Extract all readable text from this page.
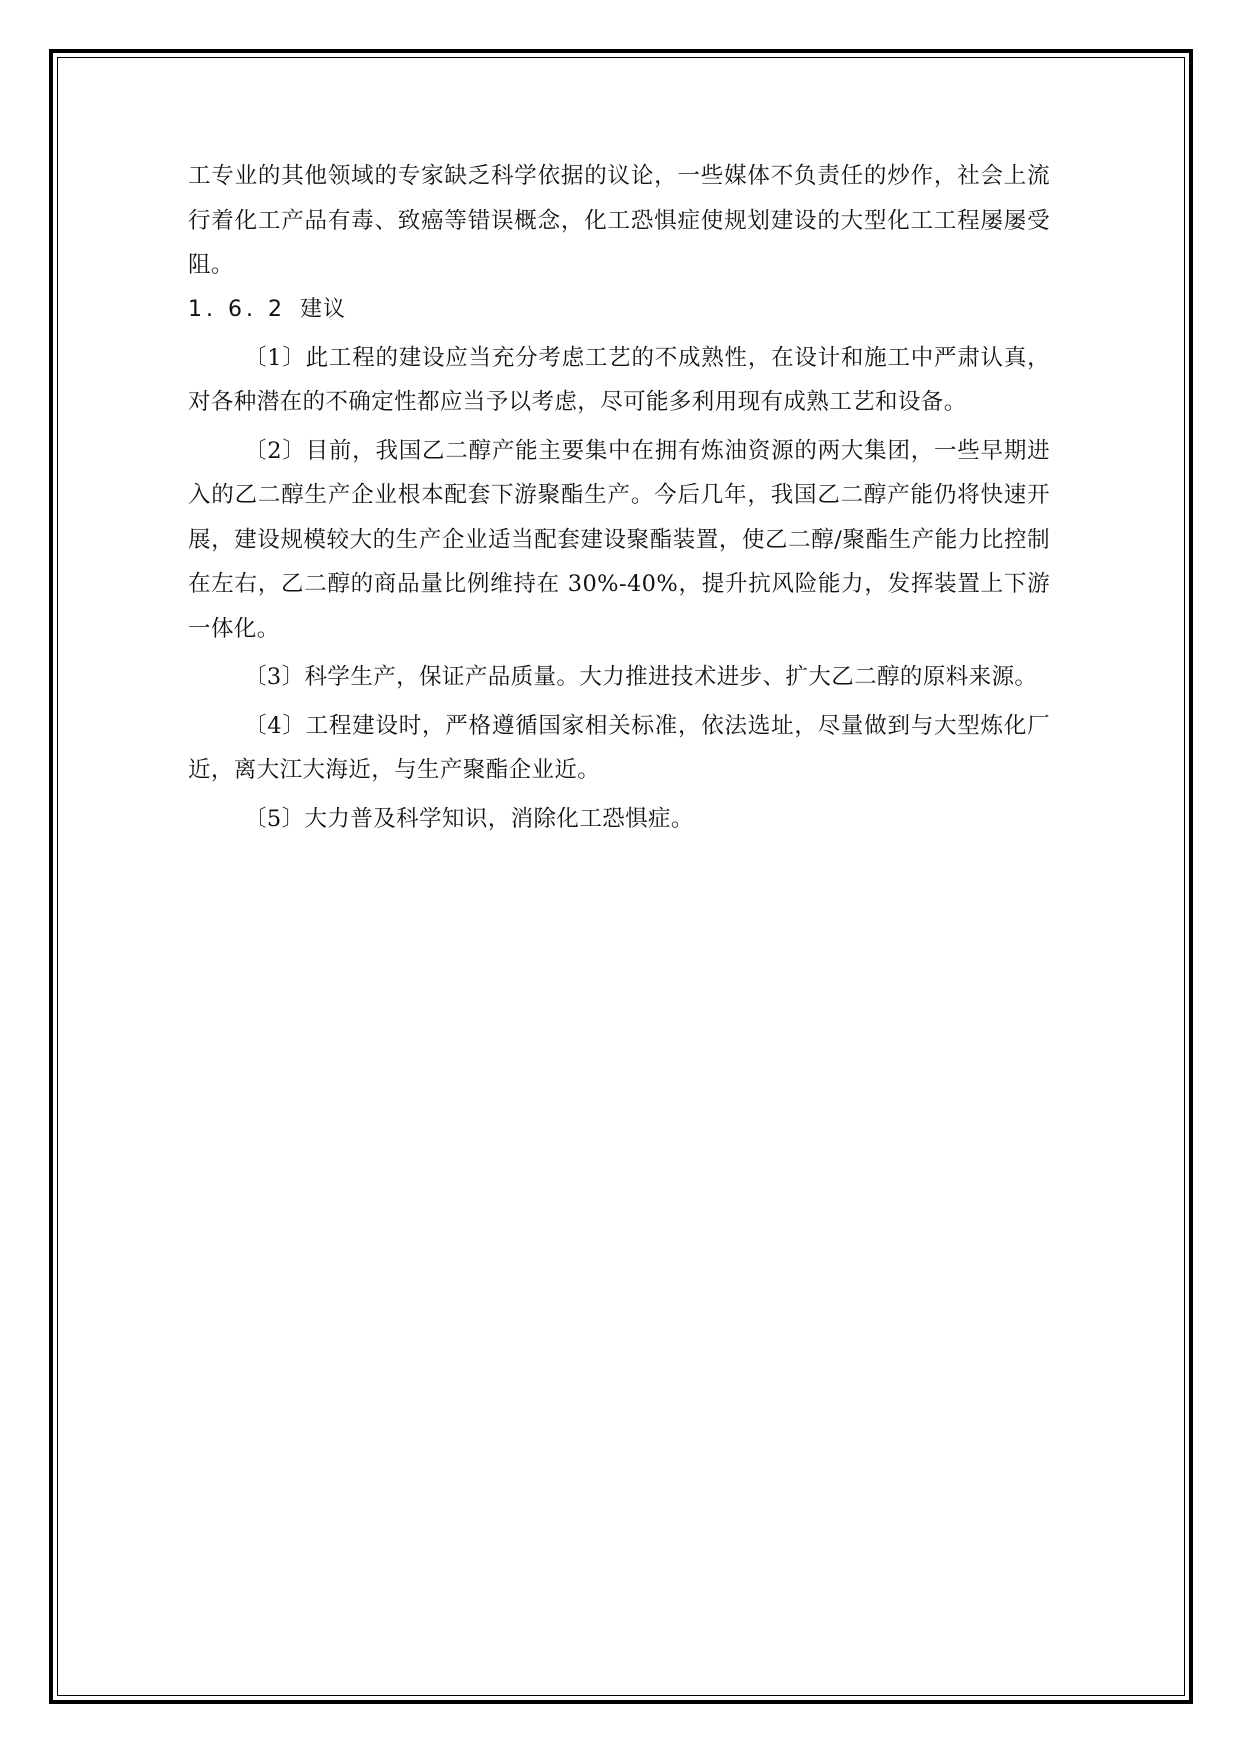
工专业的其他领域的专家缺乏科学依据的议论，一些媒体不负责任的炒作，社会上流行着化工产品有毒、致癌等错误概念，化工恐惧症使规划建设的大型化工工程屡屡受阻。

1. 6. 2 建议

〔1〕此工程的建设应当充分考虑工艺的不成熟性，在设计和施工中严肃认真，对各种潜在的不确定性都应当予以考虑，尽可能多利用现有成熟工艺和设备。

〔2〕目前，我国乙二醇产能主要集中在拥有炼油资源的两大集团，一些早期进入的乙二醇生产企业根本配套下游聚酯生产。今后几年，我国乙二醇产能仍将快速开展，建设规模较大的生产企业适当配套建设聚酯装置，使乙二醇/聚酯生产能力比控制在左右，乙二醇的商品量比例维持在 30%-40%，提升抗风险能力，发挥装置上下游一体化。

〔3〕科学生产，保证产品质量。大力推进技术进步、扩大乙二醇的原料来源。

〔4〕工程建设时，严格遵循国家相关标准，依法选址，尽量做到与大型炼化厂近，离大江大海近，与生产聚酯企业近。

〔5〕大力普及科学知识，消除化工恐惧症。
